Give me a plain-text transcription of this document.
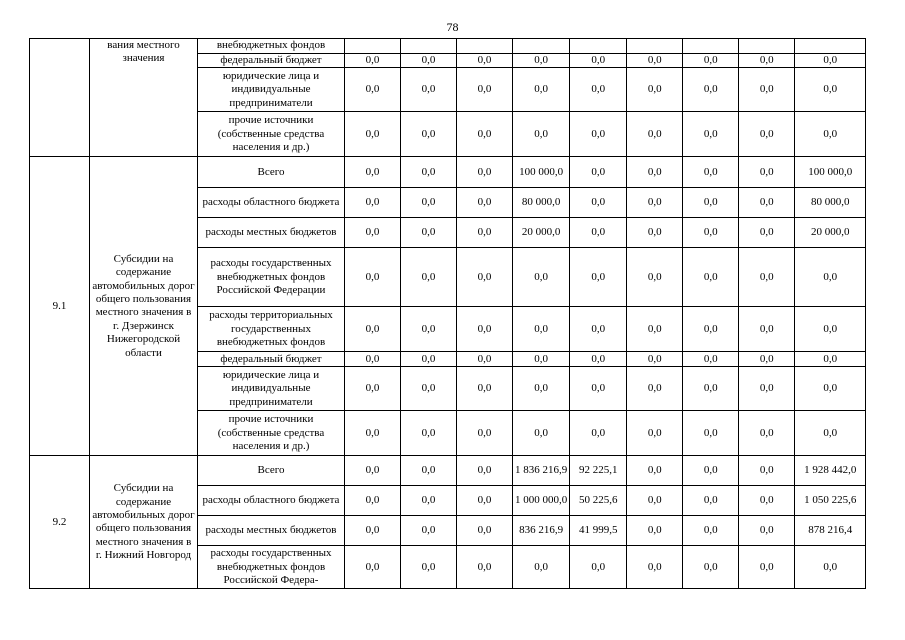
78
	вания местного значения	внебюджетных фондов									
		федеральный бюджет	0,0	0,0	0,0	0,0	0,0	0,0	0,0	0,0	0,0
		юридические лица и индивидуальные предприниматели	0,0	0,0	0,0	0,0	0,0	0,0	0,0	0,0	0,0
		прочие источники (собственные средства населения и др.)	0,0	0,0	0,0	0,0	0,0	0,0	0,0	0,0	0,0
9.1	Субсидии на содержание автомобильных дорог общего пользования местного значения в г. Дзержинск Нижегородской области	Всего	0,0	0,0	0,0	100 000,0	0,0	0,0	0,0	0,0	100 000,0
		расходы областного бюджета	0,0	0,0	0,0	80 000,0	0,0	0,0	0,0	0,0	80 000,0
		расходы местных бюджетов	0,0	0,0	0,0	20 000,0	0,0	0,0	0,0	0,0	20 000,0
		расходы государственных внебюджетных фондов Российской Федерации	0,0	0,0	0,0	0,0	0,0	0,0	0,0	0,0	0,0
		расходы территориальных государственных внебюджетных фондов	0,0	0,0	0,0	0,0	0,0	0,0	0,0	0,0	0,0
		федеральный бюджет	0,0	0,0	0,0	0,0	0,0	0,0	0,0	0,0	0,0
		юридические лица и индивидуальные предприниматели	0,0	0,0	0,0	0,0	0,0	0,0	0,0	0,0	0,0
		прочие источники (собственные средства населения и др.)	0,0	0,0	0,0	0,0	0,0	0,0	0,0	0,0	0,0
9.2	Субсидии на содержание автомобильных дорог общего пользования местного значения в г. Нижний Новгород	Всего	0,0	0,0	0,0	1 836 216,9	92 225,1	0,0	0,0	0,0	1 928 442,0
		расходы областного бюджета	0,0	0,0	0,0	1 000 000,0	50 225,6	0,0	0,0	0,0	1 050 225,6
		расходы местных бюджетов	0,0	0,0	0,0	836 216,9	41 999,5	0,0	0,0	0,0	878 216,4
		расходы государственных внебюджетных фондов Российской Федера-	0,0	0,0	0,0	0,0	0,0	0,0	0,0	0,0	0,0
